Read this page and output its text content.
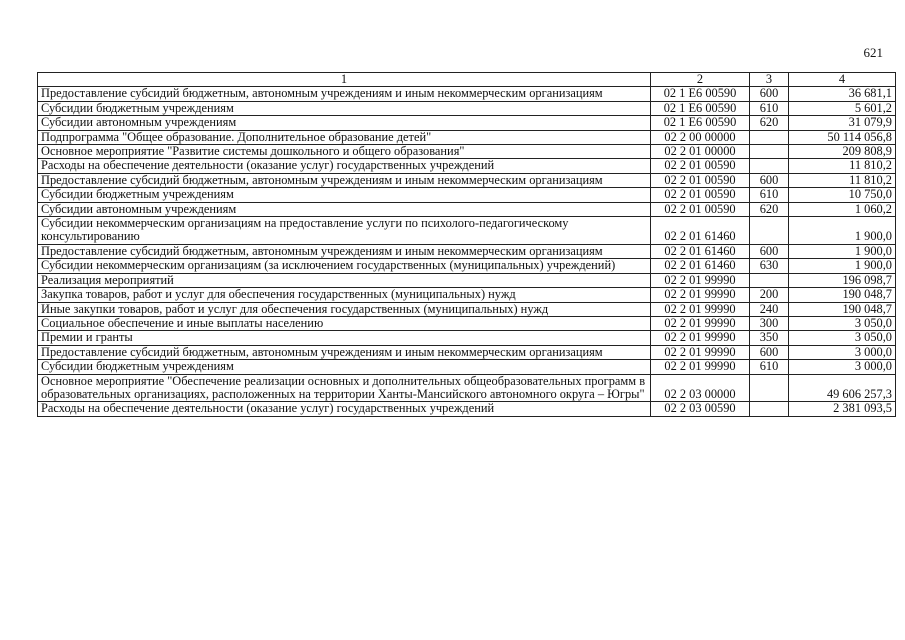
621
1	2	3	4
Предоставление субсидий бюджетным, автономным учреждениям и иным некоммерческим организациям	02 1 Е6 00590	600	36 681,1
Субсидии бюджетным учреждениям	02 1 Е6 00590	610	5 601,2
Субсидии автономным учреждениям	02 1 Е6 00590	620	31 079,9
Подпрограмма "Общее образование. Дополнительное образование детей"	02 2 00 00000		50 114 056,8
Основное мероприятие "Развитие системы дошкольного и общего образования"	02 2 01 00000		209 808,9
Расходы на обеспечение деятельности (оказание услуг) государственных учреждений	02 2 01 00590		11 810,2
Предоставление субсидий бюджетным, автономным учреждениям и иным некоммерческим организациям	02 2 01 00590	600	11 810,2
Субсидии бюджетным учреждениям	02 2 01 00590	610	10 750,0
Субсидии автономным учреждениям	02 2 01 00590	620	1 060,2
Субсидии некоммерческим организациям на предоставление услуги по психолого-педагогическому консультированию	02 2 01 61460		1 900,0
Предоставление субсидий бюджетным, автономным учреждениям и иным некоммерческим организациям	02 2 01 61460	600	1 900,0
Субсидии некоммерческим организациям (за исключением государственных (муниципальных) учреждений)	02 2 01 61460	630	1 900,0
Реализация мероприятий	02 2 01 99990		196 098,7
Закупка товаров, работ и услуг для обеспечения государственных (муниципальных) нужд	02 2 01 99990	200	190 048,7
Иные закупки товаров, работ и услуг для обеспечения государственных (муниципальных) нужд	02 2 01 99990	240	190 048,7
Социальное обеспечение и иные выплаты населению	02 2 01 99990	300	3 050,0
Премии и гранты	02 2 01 99990	350	3 050,0
Предоставление субсидий бюджетным, автономным учреждениям и иным некоммерческим организациям	02 2 01 99990	600	3 000,0
Субсидии бюджетным учреждениям	02 2 01 99990	610	3 000,0
Основное мероприятие "Обеспечение реализации основных и дополнительных общеобразовательных программ в образовательных организациях, расположенных на территории Ханты-Мансийского автономного округа – Югры"	02 2 03 00000		49 606 257,3
Расходы на обеспечение деятельности (оказание услуг) государственных учреждений	02 2 03 00590		2 381 093,5
